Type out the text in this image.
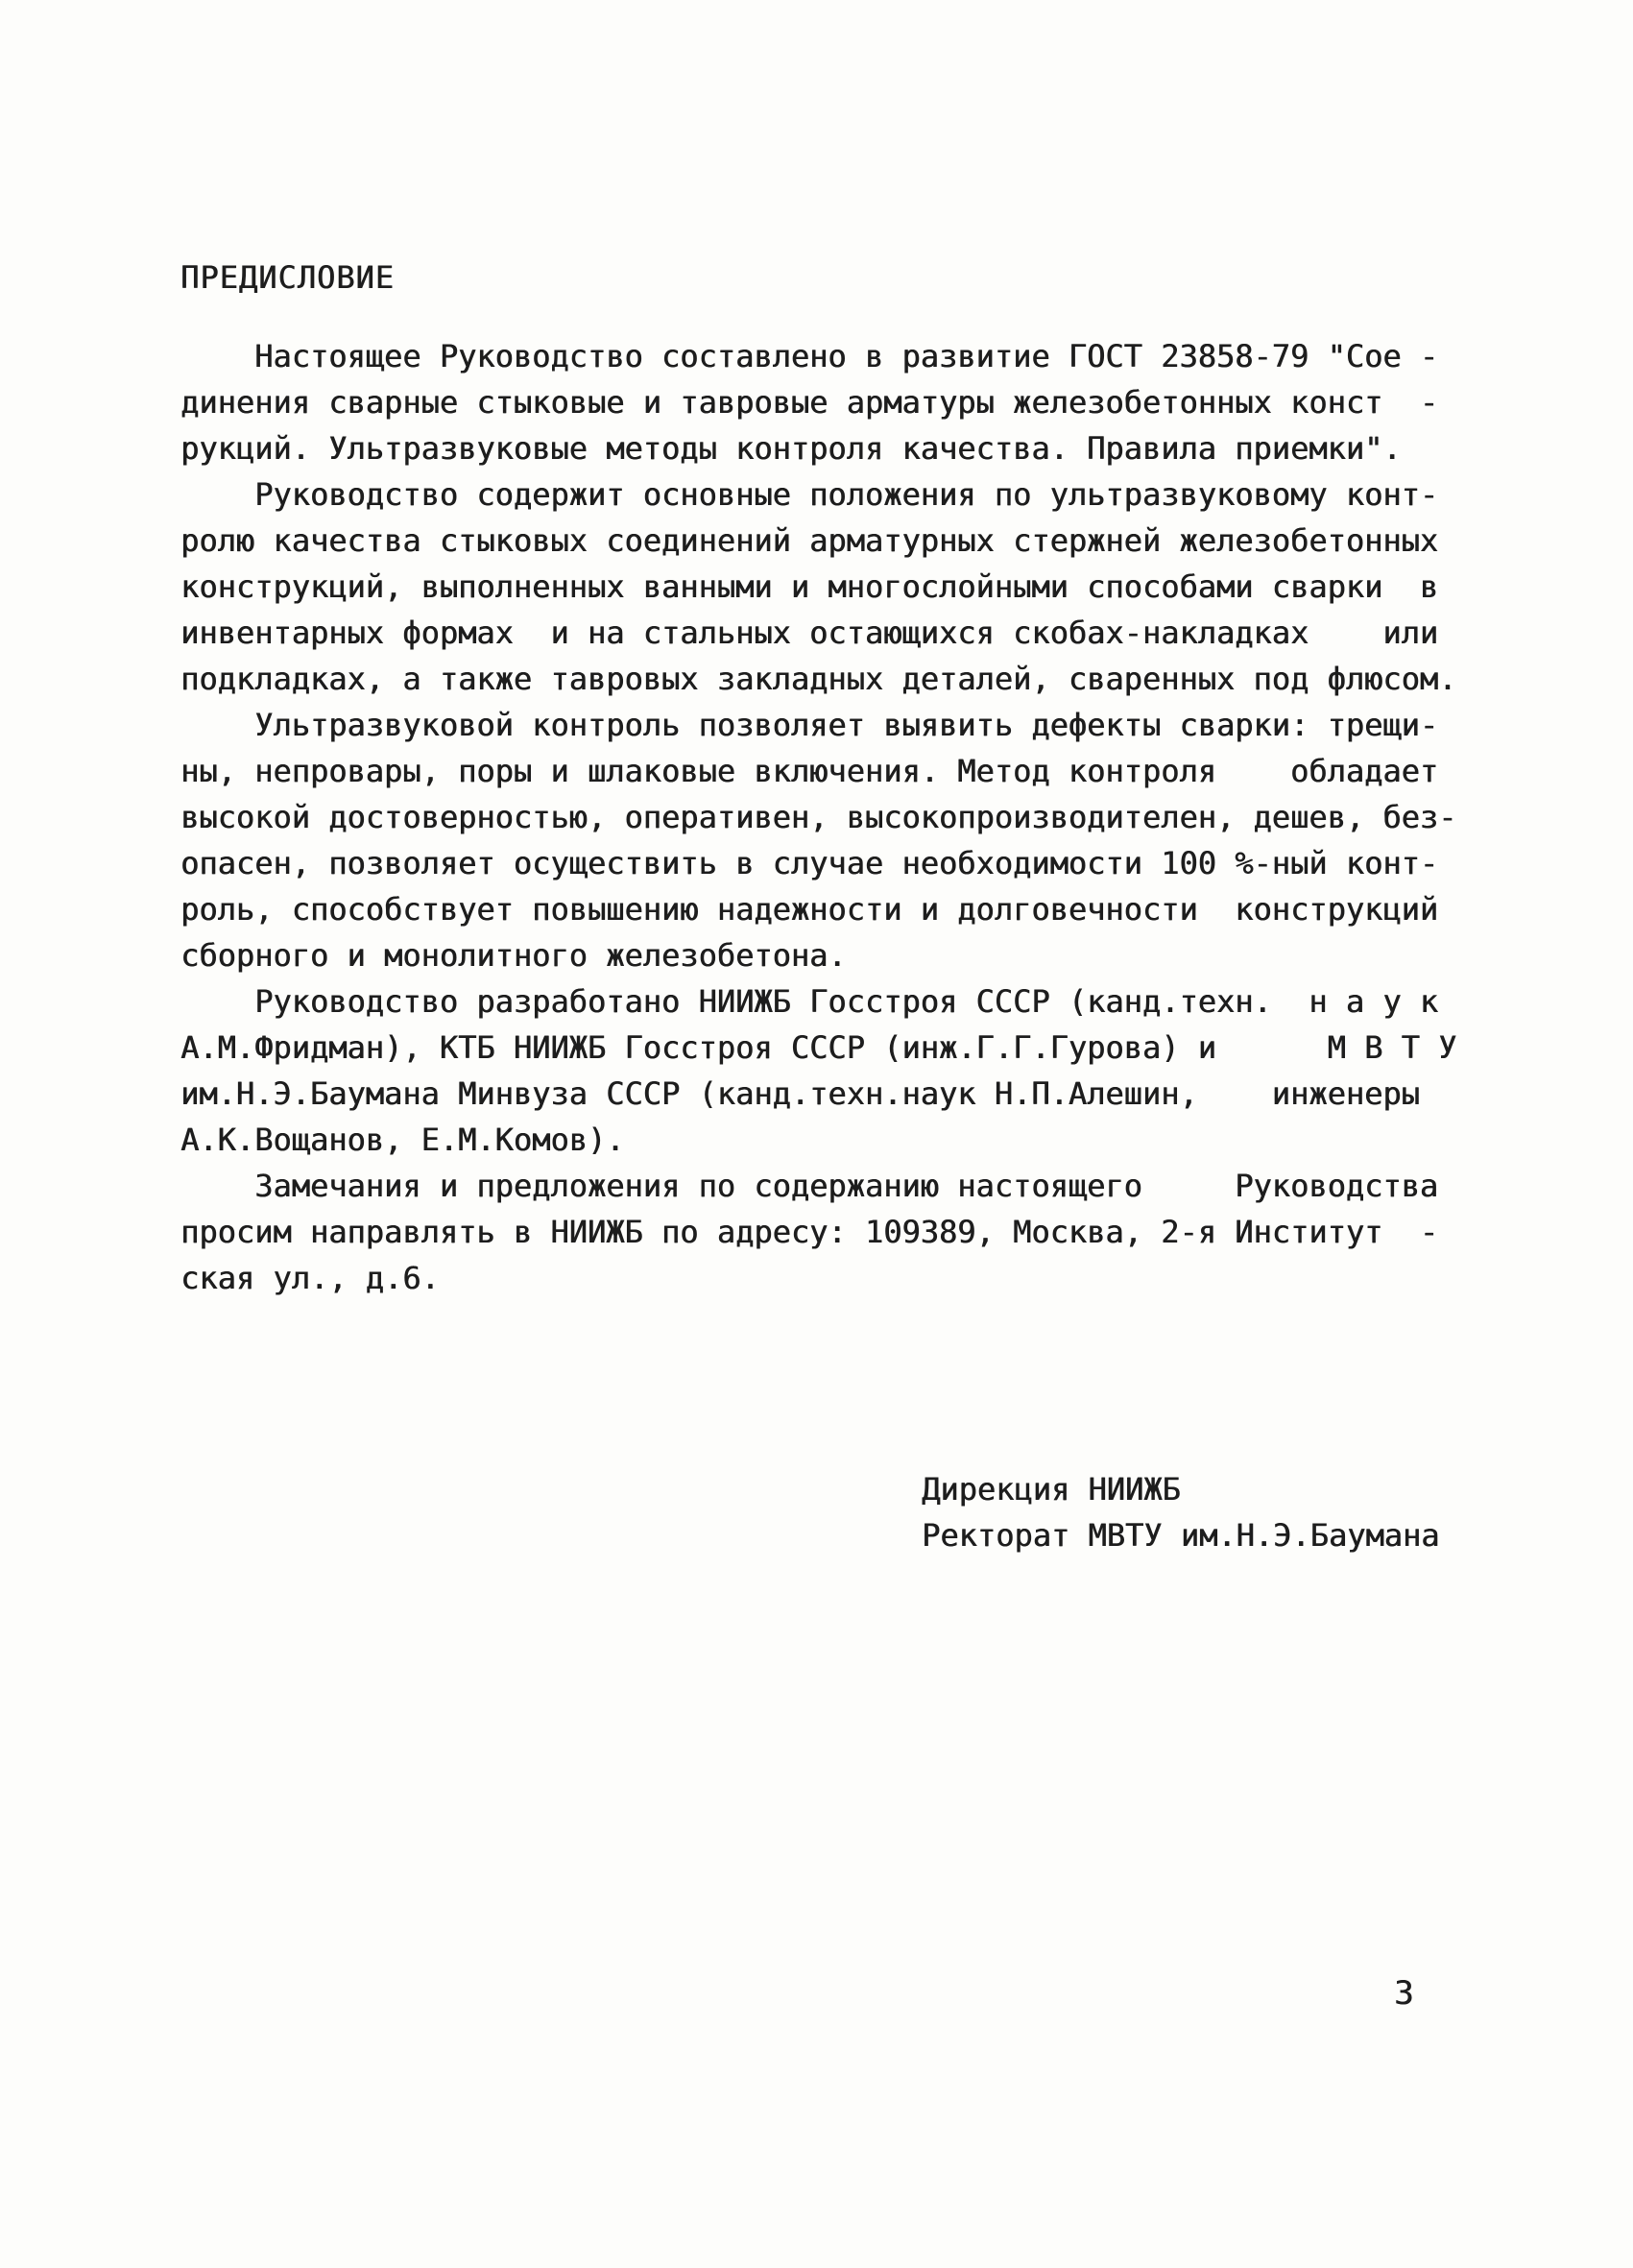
ПРЕДИСЛОВИЕ
Настоящее Руководство составлено в развитие ГОСТ 23858-79 "Сое -
динения сварные стыковые и тавровые арматуры железобетонных конст  -
рукций. Ультразвуковые методы контроля качества. Правила приемки".
Руководство содержит основные положения по ультразвуковому конт-
ролю качества стыковых соединений арматурных стержней железобетонных
конструкций, выполненных ванными и многослойными способами сварки  в
инвентарных формах  и на стальных остающихся скобах-накладках    или
подкладках, а также тавровых закладных деталей, сваренных под флюсом.
Ультразвуковой контроль позволяет выявить дефекты сварки: трещи-
ны, непровары, поры и шлаковые включения. Метод контроля    обладает
высокой достоверностью, оперативен, высокопроизводителен, дешев, без-
опасен, позволяет осуществить в случае необходимости 100 %-ный конт-
роль, способствует повышению надежности и долговечности  конструкций
сборного и монолитного железобетона.
Руководство разработано НИИЖБ Госстроя СССР (канд.техн.  н а у к
А.М.Фридман), КТБ НИИЖБ Госстроя СССР (инж.Г.Г.Гурова) и      М В Т У
им.Н.Э.Баумана Минвуза СССР (канд.техн.наук Н.П.Алешин,    инженеры
А.К.Вощанов, Е.М.Комов).
Замечания и предложения по содержанию настоящего     Руководства
просим направлять в НИИЖБ по адресу: 109389, Москва, 2-я Институт  -
ская ул., д.6.
Дирекция НИИЖБ
Ректорат МВТУ им.Н.Э.Баумана
3
